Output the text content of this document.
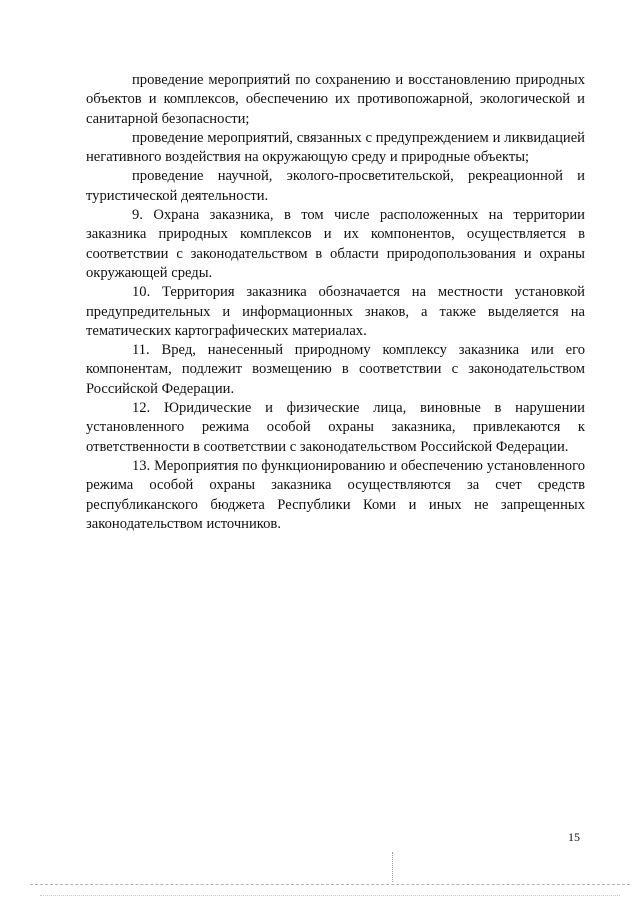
проведение мероприятий по сохранению и восстановлению природных объектов и комплексов, обеспечению их противопожарной, экологической и санитарной безопасности;

проведение мероприятий, связанных с предупреждением и ликвидацией негативного воздействия на окружающую среду и природные объекты;

проведение научной, эколого-просветительской, рекреационной и туристической деятельности.

9. Охрана заказника, в том числе расположенных на территории заказника природных комплексов и их компонентов, осуществляется в соответствии с законодательством в области природопользования и охраны окружающей среды.

10. Территория заказника обозначается на местности установкой предупредительных и информационных знаков, а также выделяется на тематических картографических материалах.

11. Вред, нанесенный природному комплексу заказника или его компонентам, подлежит возмещению в соответствии с законодательством Российской Федерации.

12. Юридические и физические лица, виновные в нарушении установленного режима особой охраны заказника, привлекаются к ответственности в соответствии с законодательством Российской Федерации.

13. Мероприятия по функционированию и обеспечению установленного режима особой охраны заказника осуществляются за счет средств республиканского бюджета Республики Коми и иных не запрещенных законодательством источников.

15
